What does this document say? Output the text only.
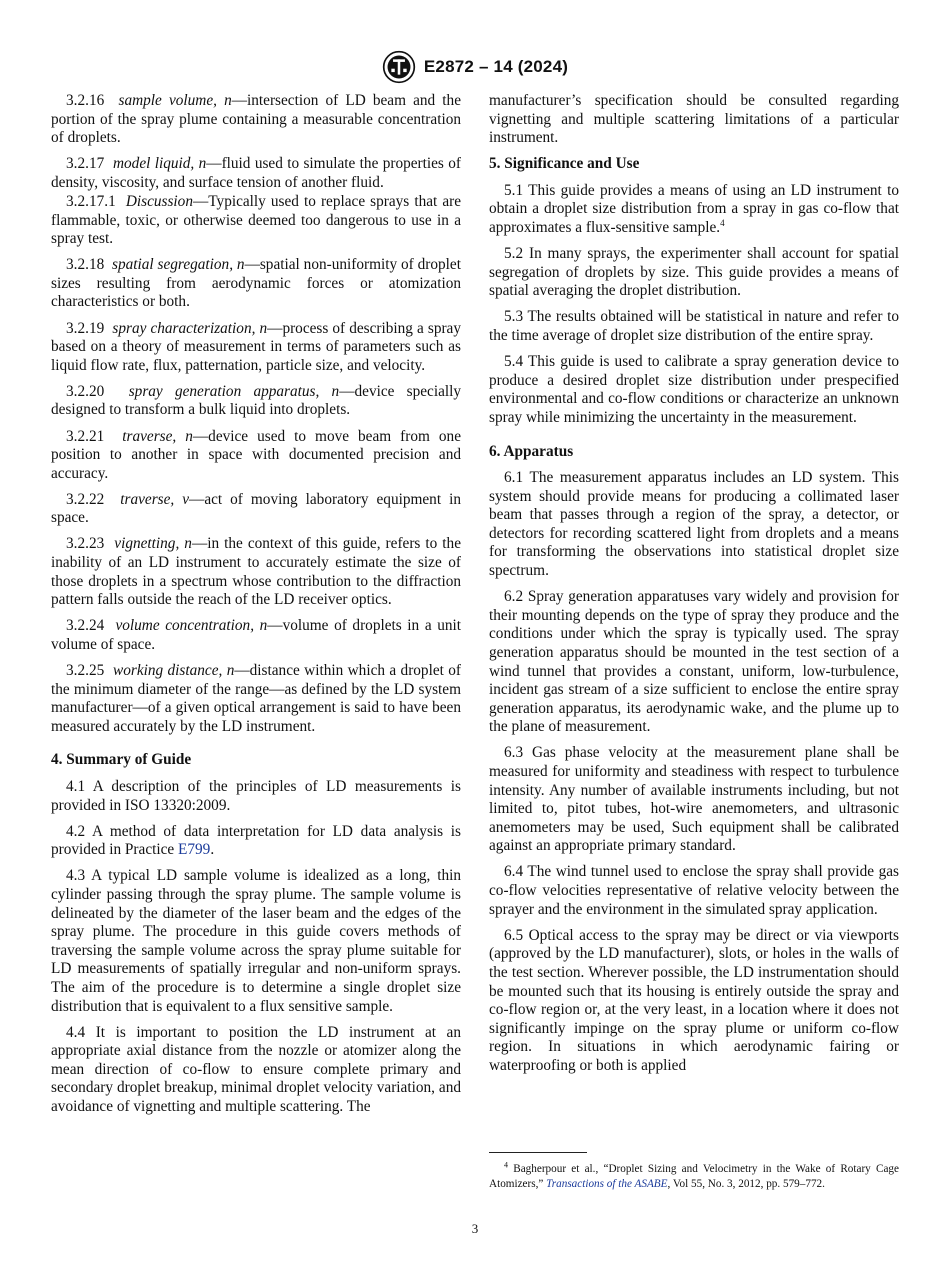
E2872 – 14 (2024)

3.2.16 sample volume, n—intersection of LD beam and the portion of the spray plume containing a measurable concentration of droplets.

3.2.17 model liquid, n—fluid used to simulate the properties of density, viscosity, and surface tension of another fluid.

3.2.17.1 Discussion—Typically used to replace sprays that are flammable, toxic, or otherwise deemed too dangerous to use in a spray test.

3.2.18 spatial segregation, n—spatial non-uniformity of droplet sizes resulting from aerodynamic forces or atomization characteristics or both.

3.2.19 spray characterization, n—process of describing a spray based on a theory of measurement in terms of parameters such as liquid flow rate, flux, patternation, particle size, and velocity.

3.2.20 spray generation apparatus, n—device specially designed to transform a bulk liquid into droplets.

3.2.21 traverse, n—device used to move beam from one position to another in space with documented precision and accuracy.

3.2.22 traverse, v—act of moving laboratory equipment in space.

3.2.23 vignetting, n—in the context of this guide, refers to the inability of an LD instrument to accurately estimate the size of those droplets in a spectrum whose contribution to the diffraction pattern falls outside the reach of the LD receiver optics.

3.2.24 volume concentration, n—volume of droplets in a unit volume of space.

3.2.25 working distance, n—distance within which a droplet of the minimum diameter of the range—as defined by the LD system manufacturer—of a given optical arrangement is said to have been measured accurately by the LD instrument.

4. Summary of Guide

4.1 A description of the principles of LD measurements is provided in ISO 13320:2009.

4.2 A method of data interpretation for LD data analysis is provided in Practice E799.

4.3 A typical LD sample volume is idealized as a long, thin cylinder passing through the spray plume. The sample volume is delineated by the diameter of the laser beam and the edges of the spray plume. The procedure in this guide covers methods of traversing the sample volume across the spray plume suitable for LD measurements of spatially irregular and non-uniform sprays. The aim of the procedure is to determine a single droplet size distribution that is equivalent to a flux sensitive sample.

4.4 It is important to position the LD instrument at an appropriate axial distance from the nozzle or atomizer along the mean direction of co-flow to ensure complete primary and secondary droplet breakup, minimal droplet velocity variation, and avoidance of vignetting and multiple scattering. The

manufacturer’s specification should be consulted regarding vignetting and multiple scattering limitations of a particular instrument.

5. Significance and Use

5.1 This guide provides a means of using an LD instrument to obtain a droplet size distribution from a spray in gas co-flow that approximates a flux-sensitive sample.$^4$

5.2 In many sprays, the experimenter shall account for spatial segregation of droplets by size. This guide provides a means of spatial averaging the droplet distribution.

5.3 The results obtained will be statistical in nature and refer to the time average of droplet size distribution of the entire spray.

5.4 This guide is used to calibrate a spray generation device to produce a desired droplet size distribution under prespecified environmental and co-flow conditions or characterize an unknown spray while minimizing the uncertainty in the measurement.

6. Apparatus

6.1 The measurement apparatus includes an LD system. This system should provide means for producing a collimated laser beam that passes through a region of the spray, a detector, or detectors for recording scattered light from droplets and a means for transforming the observations into statistical droplet size spectrum.

6.2 Spray generation apparatuses vary widely and provision for their mounting depends on the type of spray they produce and the conditions under which the spray is typically used. The spray generation apparatus should be mounted in the test section of a wind tunnel that provides a constant, uniform, low-turbulence, incident gas stream of a size sufficient to enclose the entire spray generation apparatus, its aerodynamic wake, and the plume up to the plane of measurement.

6.3 Gas phase velocity at the measurement plane shall be measured for uniformity and steadiness with respect to turbulence intensity. Any number of available instruments including, but not limited to, pitot tubes, hot-wire anemometers, and ultrasonic anemometers may be used, Such equipment shall be calibrated against an appropriate primary standard.

6.4 The wind tunnel used to enclose the spray shall provide gas co-flow velocities representative of relative velocity between the sprayer and the environment in the simulated spray application.

6.5 Optical access to the spray may be direct or via viewports (approved by the LD manufacturer), slots, or holes in the walls of the test section. Wherever possible, the LD instrumentation should be mounted such that its housing is entirely outside the spray and co-flow region or, at the very least, in a location where it does not significantly impinge on the spray plume or uniform co-flow region. In situations in which aerodynamic fairing or waterproofing or both is applied

$^4$ Bagherpour et al., “Droplet Sizing and Velocimetry in the Wake of Rotary Cage Atomizers,” Transactions of the ASABE, Vol 55, No. 3, 2012, pp. 579–772.
3
